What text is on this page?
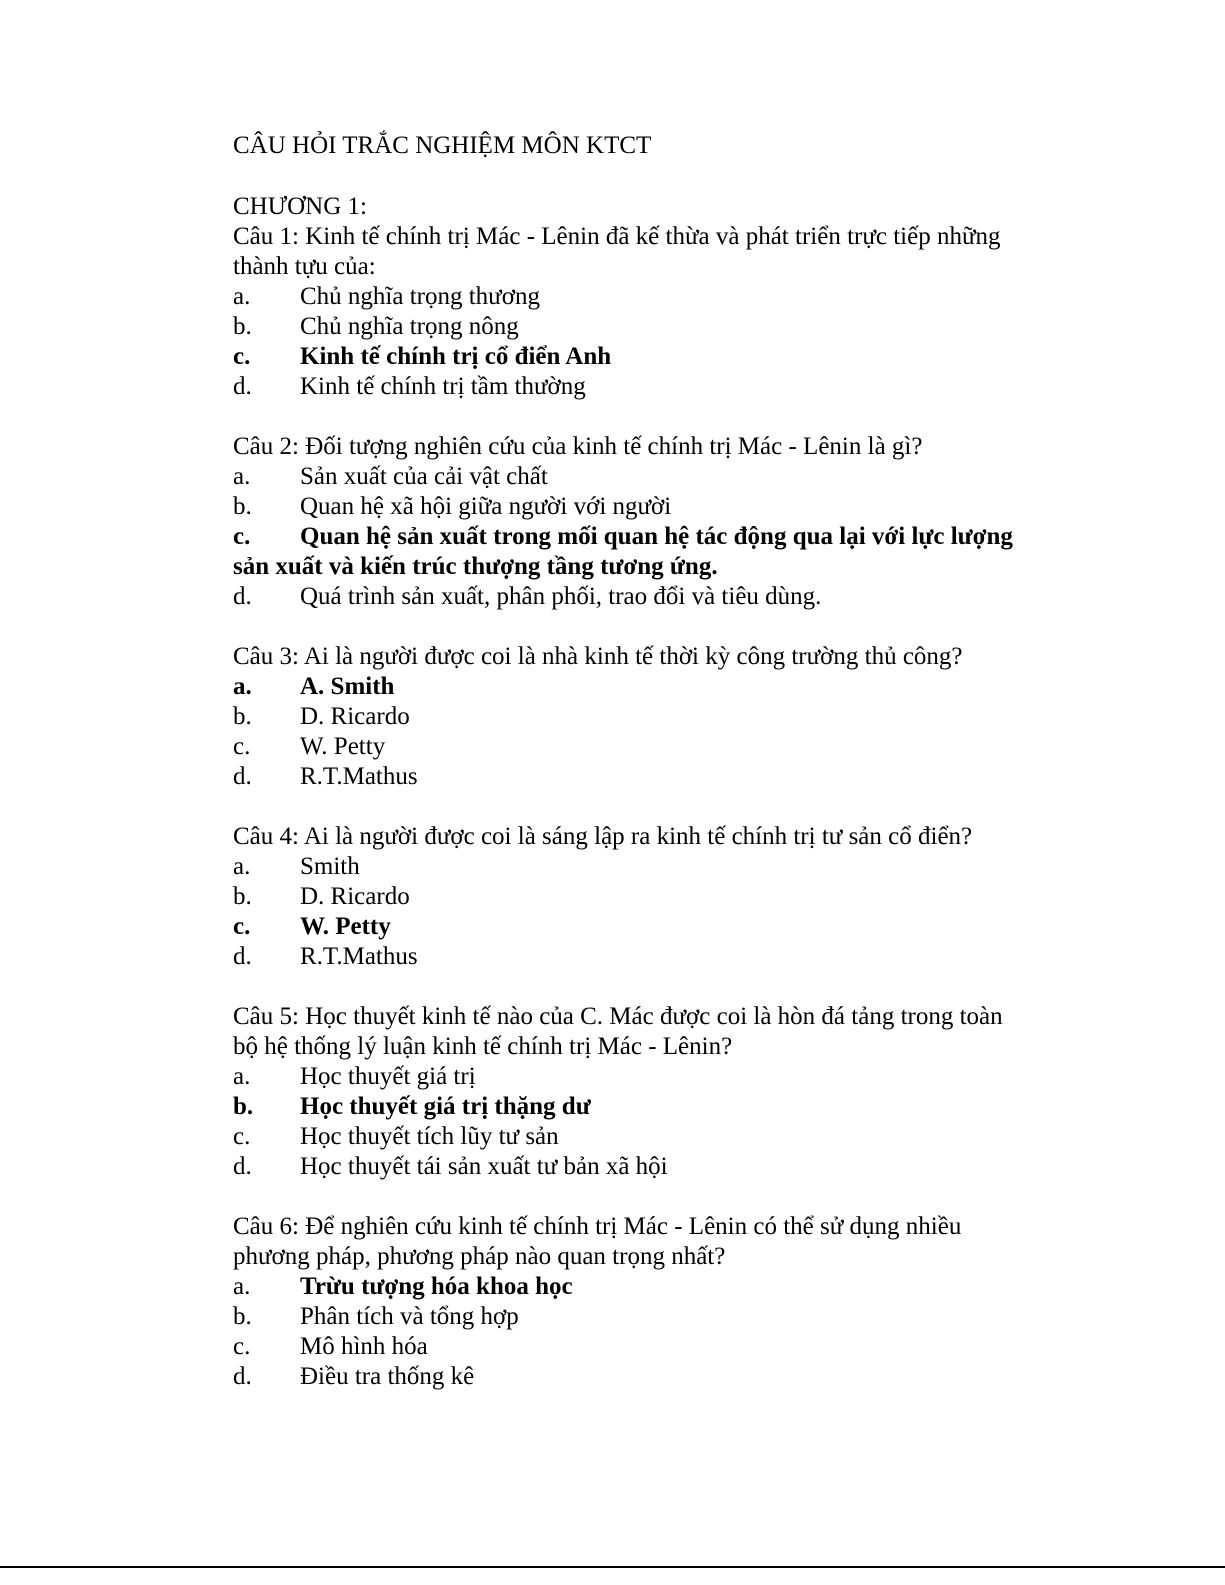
CÂU HỎI TRẮC NGHIỆM MÔN KTCT
CHƯƠNG 1:
Câu 1: Kinh tế chính trị Mác - Lênin đã kế thừa và phát triển trực tiếp những thành tựu của:
a.	Chủ nghĩa trọng thương
b.	Chủ nghĩa trọng nông
c.	Kinh tế chính trị cổ điển Anh
d.	Kinh tế chính trị tầm thường
Câu 2: Đối tượng nghiên cứu của kinh tế chính trị Mác - Lênin là gì?
a.	Sản xuất của cải vật chất
b.	Quan hệ xã hội giữa người với người
c. Quan hệ sản xuất trong mối quan hệ tác động qua lại với lực lượng sản xuất và kiến trúc thượng tầng tương ứng.
d.	Quá trình sản xuất, phân phối, trao đổi và tiêu dùng.
Câu 3: Ai là người được coi là nhà kinh tế thời kỳ công trường thủ công?
a.	A. Smith
b.	D. Ricardo
c.	W. Petty
d.	R.T.Mathus
Câu 4: Ai là người được coi là sáng lập ra kinh tế chính trị tư sản cổ điển?
a.	Smith
b.	D. Ricardo
c.	W. Petty
d.	R.T.Mathus
Câu 5: Học thuyết kinh tế nào của C. Mác được coi là hòn đá tảng trong toàn bộ hệ thống lý luận kinh tế chính trị Mác - Lênin?
a.	Học thuyết giá trị
b.	Học thuyết giá trị thặng dư
c.	Học thuyết tích lũy tư sản
d.	Học thuyết tái sản xuất tư bản xã hội
Câu 6: Để nghiên cứu kinh tế chính trị Mác - Lênin có thể sử dụng nhiều phương pháp, phương pháp nào quan trọng nhất?
a.	Trừu tượng hóa khoa học
b.	Phân tích và tổng hợp
c.	Mô hình hóa
d.	Điều tra thống kê
